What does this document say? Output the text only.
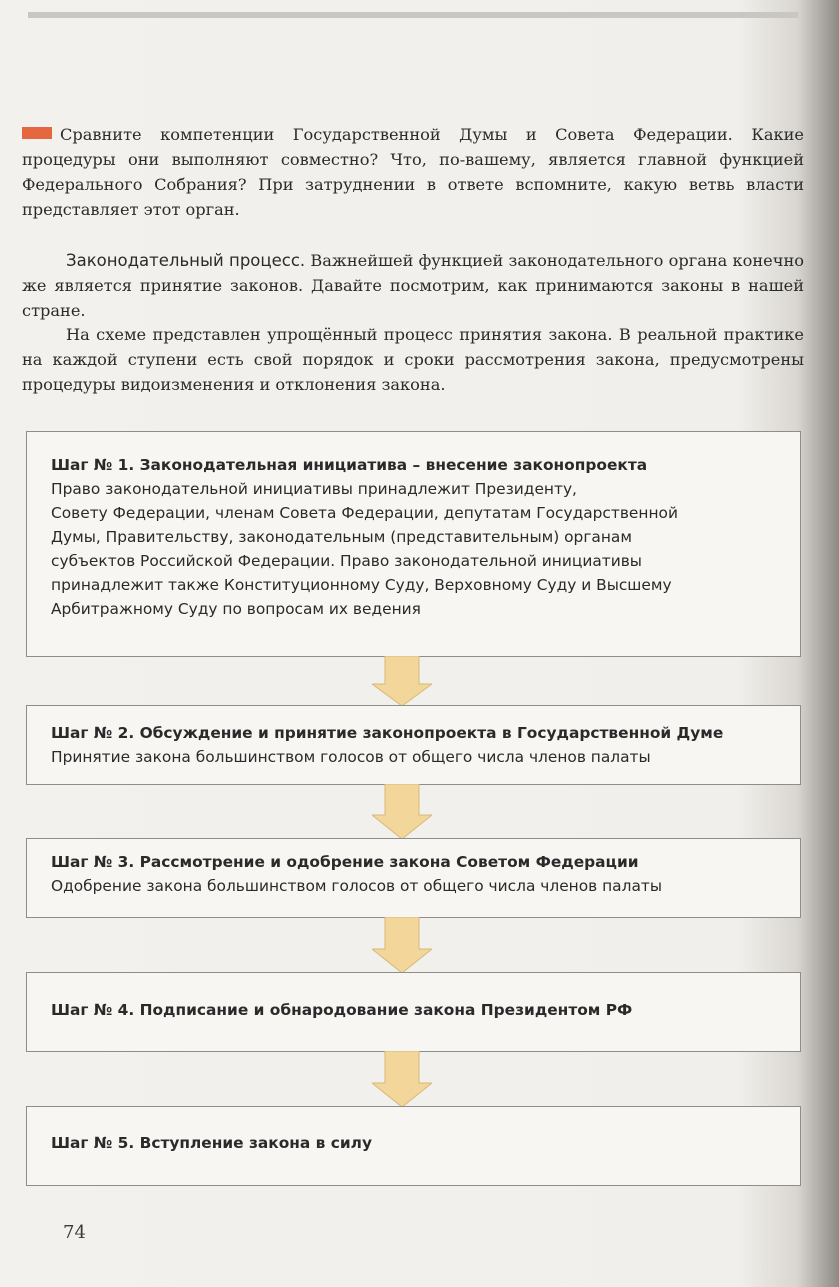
Сравните компетенции Государственной Думы и Совета Федерации. Какие процедуры они выполняют совместно? Что, по-вашему, является главной функцией Федерального Собрания? При затруднении в ответе вспомните, какую ветвь власти представляет этот орган.

Законодательный процесс. Важнейшей функцией законодательного органа конечно же является принятие законов. Давайте посмотрим, как принимаются законы в нашей стране.

На схеме представлен упрощённый процесс принятия закона. В реальной практике на каждой ступени есть свой порядок и сроки рассмотрения закона, предусмотрены процедуры видоизменения и отклонения закона.

Шаг № 1. Законодательная инициатива – внесение законопроекта
Право законодательной инициативы принадлежит Президенту,
Совету Федерации, членам Совета Федерации, депутатам Государственной
Думы, Правительству, законодательным (представительным) органам
субъектов Российской Федерации. Право законодательной инициативы
принадлежит также Конституционному Суду, Верховному Суду и Высшему
Арбитражному Суду по вопросам их ведения
Шаг № 2. Обсуждение и принятие законопроекта в Государственной Думе
Принятие закона большинством голосов от общего числа членов палаты
Шаг № 3. Рассмотрение и одобрение закона Советом Федерации
Одобрение закона большинством голосов от общего числа членов палаты
Шаг № 4. Подписание и обнародование закона Президентом РФ
Шаг № 5. Вступление закона в силу
74
